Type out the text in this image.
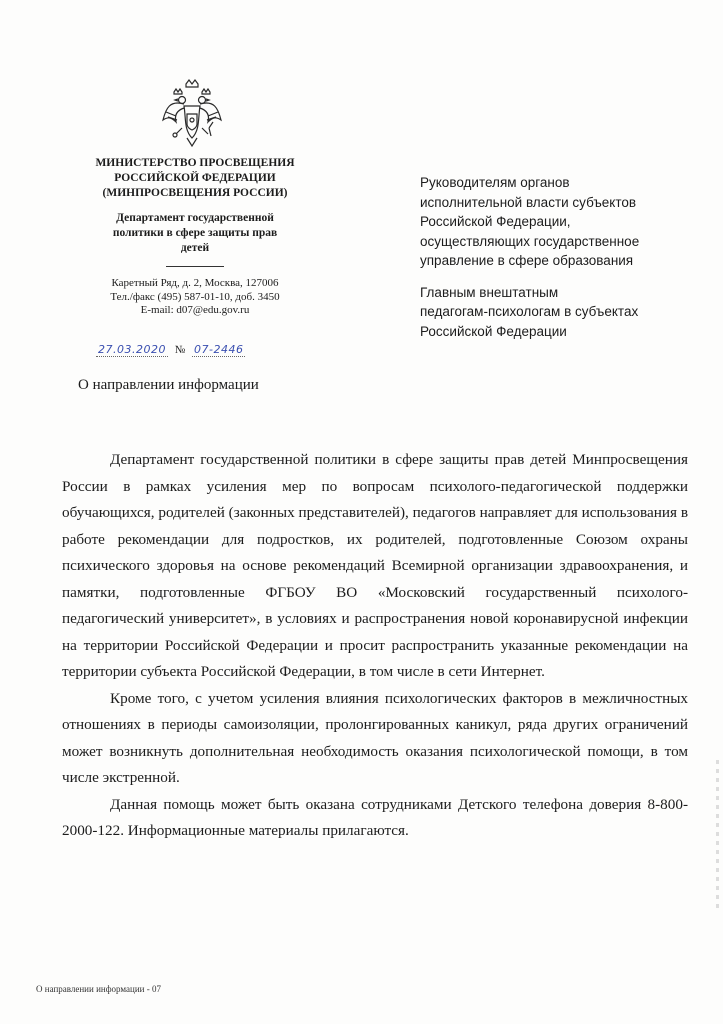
МИНИСТЕРСТВО ПРОСВЕЩЕНИЯ
РОССИЙСКОЙ ФЕДЕРАЦИИ
(МИНПРОСВЕЩЕНИЯ РОССИИ)
Департамент государственной
политики в сфере защиты прав
детей
Каретный Ряд, д. 2, Москва, 127006
Тел./факс (495) 587-01-10, доб. 3450
E-mail: d07@edu.gov.ru
27.03.2020 № 07-2446
О направлении информации
Руководителям органов
исполнительной власти субъектов
Российской Федерации,
осуществляющих государственное
управление в сфере образования
Главным внештатным
педагогам-психологам в субъектах
Российской Федерации

Департамент государственной политики в сфере защиты прав детей Минпросвещения России в рамках усиления мер по вопросам психолого-педагогической поддержки обучающихся, родителей (законных представителей), педагогов направляет для использования в работе рекомендации для подростков, их родителей, подготовленные Союзом охраны психического здоровья на основе рекомендаций Всемирной организации здравоохранения, и памятки, подготовленные ФГБОУ ВО «Московский государственный психолого-педагогический университет», в условиях и распространения новой коронавирусной инфекции на территории Российской Федерации и просит распространить указанные рекомендации на территории субъекта Российской Федерации, в том числе в сети Интернет.

Кроме того, с учетом усиления влияния психологических факторов в межличностных отношениях в периоды самоизоляции, пролонгированных каникул, ряда других ограничений может возникнуть дополнительная необходимость оказания психологической помощи, в том числе экстренной.

Данная помощь может быть оказана сотрудниками Детского телефона доверия 8-800-2000-122. Информационные материалы прилагаются.

О направлении информации - 07
